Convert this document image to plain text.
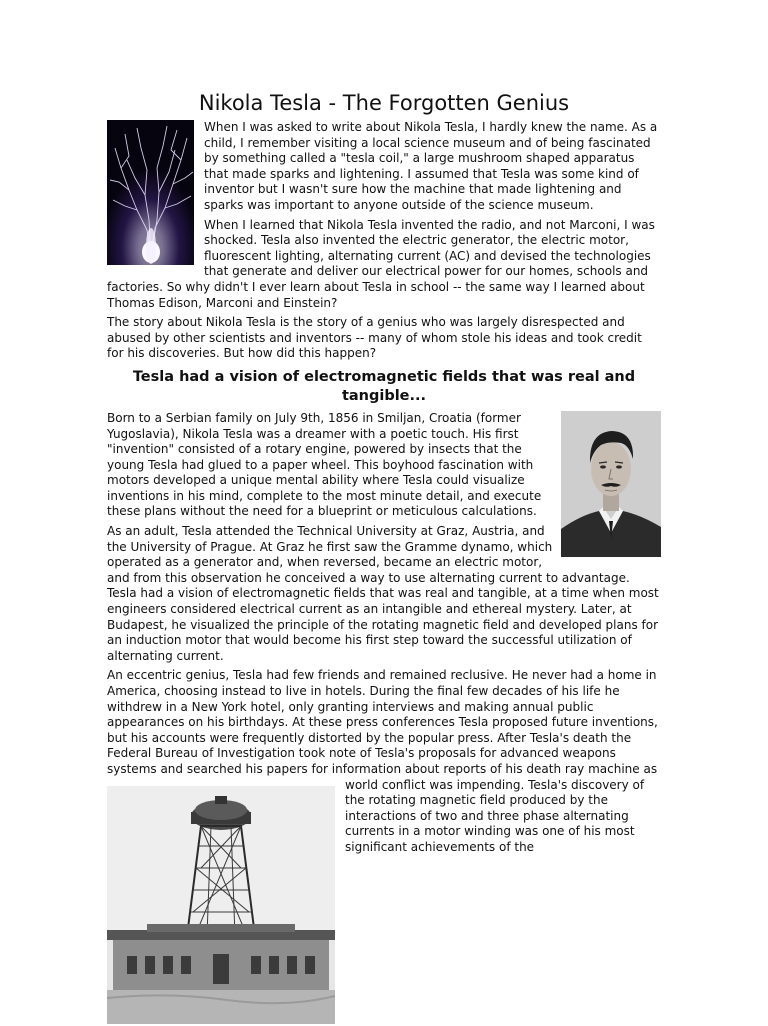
Nikola Tesla - The Forgotten Genius

When I was asked to write about Nikola Tesla, I hardly knew the name. As a child, I remember visiting a local science museum and of being fascinated by something called a "tesla coil," a large mushroom shaped apparatus that made sparks and lightening. I assumed that Tesla was some kind of inventor but I wasn't sure how the machine that made lightening and sparks was important to anyone outside of the science museum.

When I learned that Nikola Tesla invented the radio, and not Marconi, I was shocked. Tesla also invented the electric generator, the electric motor, fluorescent lighting, alternating current (AC) and devised the technologies that generate and deliver our electrical power for our homes, schools and factories. So why didn't I ever learn about Tesla in school -- the same way I learned about Thomas Edison, Marconi and Einstein?

The story about Nikola Tesla is the story of a genius who was largely disrespected and abused by other scientists and inventors -- many of whom stole his ideas and took credit for his discoveries. But how did this happen?

Tesla had a vision of electromagnetic fields that was real and tangible...

Born to a Serbian family on July 9th, 1856 in Smiljan, Croatia (former Yugoslavia), Nikola Tesla was a dreamer with a poetic touch. His first "invention" consisted of a rotary engine, powered by insects that the young Tesla had glued to a paper wheel. This boyhood fascination with motors developed a unique mental ability where Tesla could visualize inventions in his mind, complete to the most minute detail, and execute these plans without the need for a blueprint or meticulous calculations.

As an adult, Tesla attended the Technical University at Graz, Austria, and the University of Prague. At Graz he first saw the Gramme dynamo, which operated as a generator and, when reversed, became an electric motor, and from this observation he conceived a way to use alternating current to advantage. Tesla had a vision of electromagnetic fields that was real and tangible, at a time when most engineers considered electrical current as an intangible and ethereal mystery. Later, at Budapest, he visualized the principle of the rotating magnetic field and developed plans for an induction motor that would become his first step toward the successful utilization of alternating current.

An eccentric genius, Tesla had few friends and remained reclusive. He never had a home in America, choosing instead to live in hotels. During the final few decades of his life he withdrew in a New York hotel, only granting interviews and making annual public appearances on his birthdays. At these press conferences Tesla proposed future inventions, but his accounts were frequently distorted by the popular press. After Tesla's death the Federal Bureau of Investigation took note of Tesla's proposals for advanced weapons systems and searched his papers for information about reports of his death ray machine as world conflict was impending. Tesla's discovery of the rotating magnetic field produced by the interactions of two and three phase alternating currents in a motor winding was one of his most significant achievements of the
